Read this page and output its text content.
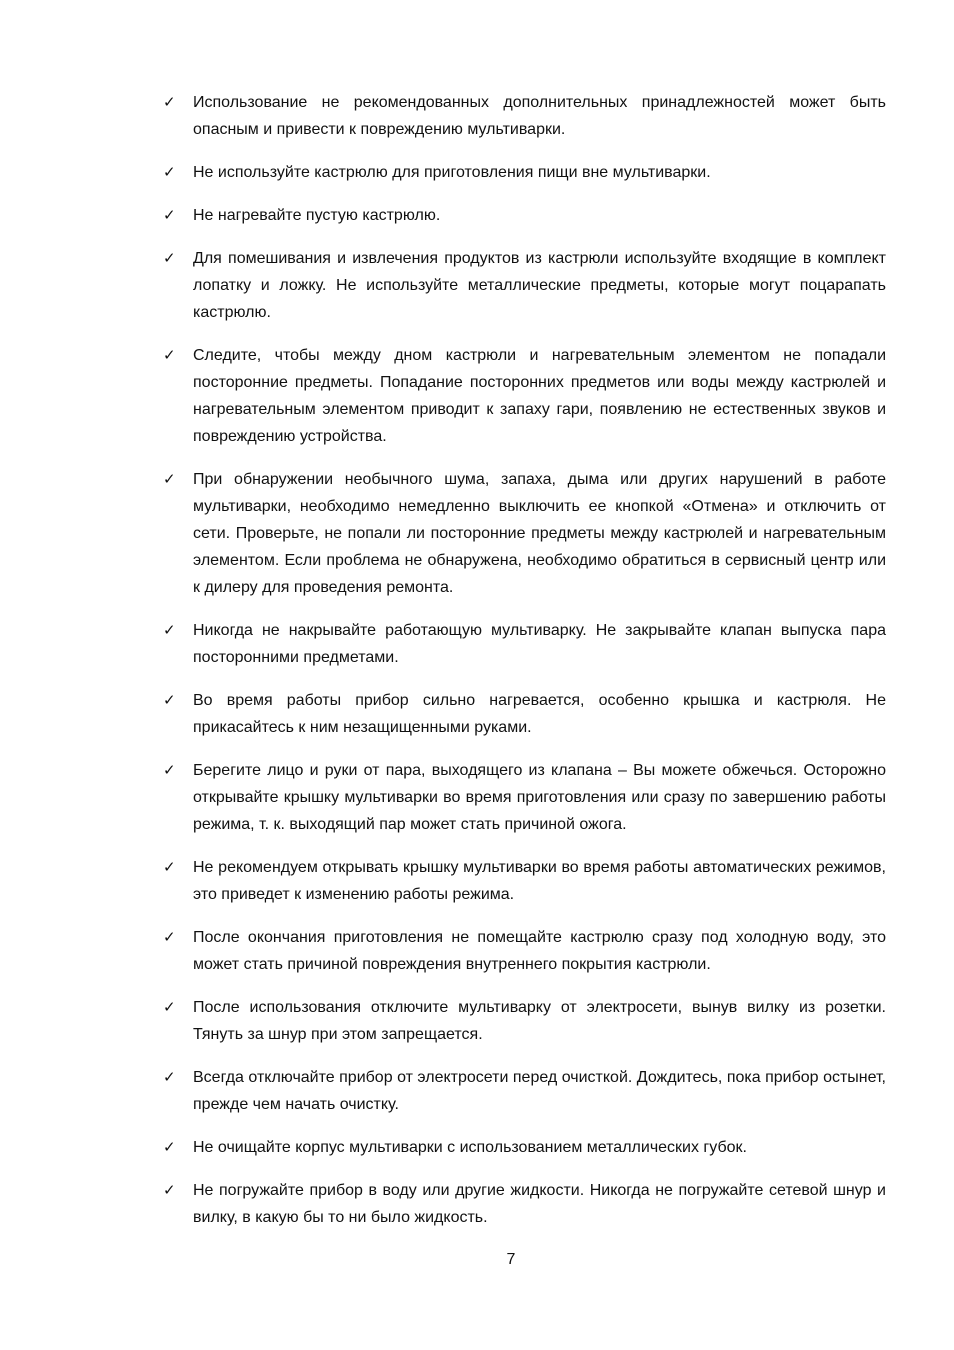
✓ Использование не рекомендованных дополнительных принадлежностей может быть опасным и привести к повреждению мультиварки.
✓ Не используйте кастрюлю для приготовления пищи вне мультиварки.
✓ Не нагревайте пустую кастрюлю.
✓ Для помешивания и извлечения продуктов из кастрюли используйте входящие в комплект лопатку и ложку. Не используйте металлические предметы, которые могут поцарапать кастрюлю.
✓ Следите, чтобы между дном кастрюли и нагревательным элементом не попадали посторонние предметы. Попадание посторонних предметов или воды между кастрюлей и нагревательным элементом приводит к запаху гари, появлению не естественных звуков и повреждению устройства.
✓ При обнаружении необычного шума, запаха, дыма или других нарушений в работе мультиварки, необходимо немедленно выключить ее кнопкой «Отмена» и отключить от сети. Проверьте, не попали ли посторонние предметы между кастрюлей и нагревательным элементом. Если проблема не обнаружена, необходимо обратиться в сервисный центр или к дилеру для проведения ремонта.
✓ Никогда не накрывайте работающую мультиварку. Не закрывайте клапан выпуска пара посторонними предметами.
✓ Во время работы прибор сильно нагревается, особенно крышка и кастрюля. Не прикасайтесь к ним незащищенными руками.
✓ Берегите лицо и руки от пара, выходящего из клапана – Вы можете обжечься. Осторожно открывайте крышку мультиварки во время приготовления или сразу по завершению работы режима, т. к. выходящий пар может стать причиной ожога.
✓ Не рекомендуем открывать крышку мультиварки во время работы автоматических режимов, это приведет к изменению работы режима.
✓ После окончания приготовления не помещайте кастрюлю сразу под холодную воду, это может стать причиной повреждения внутреннего покрытия кастрюли.
✓ После использования отключите мультиварку от электросети, вынув вилку из розетки. Тянуть за шнур при этом запрещается.
✓ Всегда отключайте прибор от электросети перед очисткой. Дождитесь, пока прибор остынет, прежде чем начать очистку.
✓ Не очищайте корпус мультиварки с использованием металлических губок.
✓ Не погружайте прибор в воду или другие жидкости. Никогда не погружайте сетевой шнур и вилку, в какую бы то ни было жидкость.
7
